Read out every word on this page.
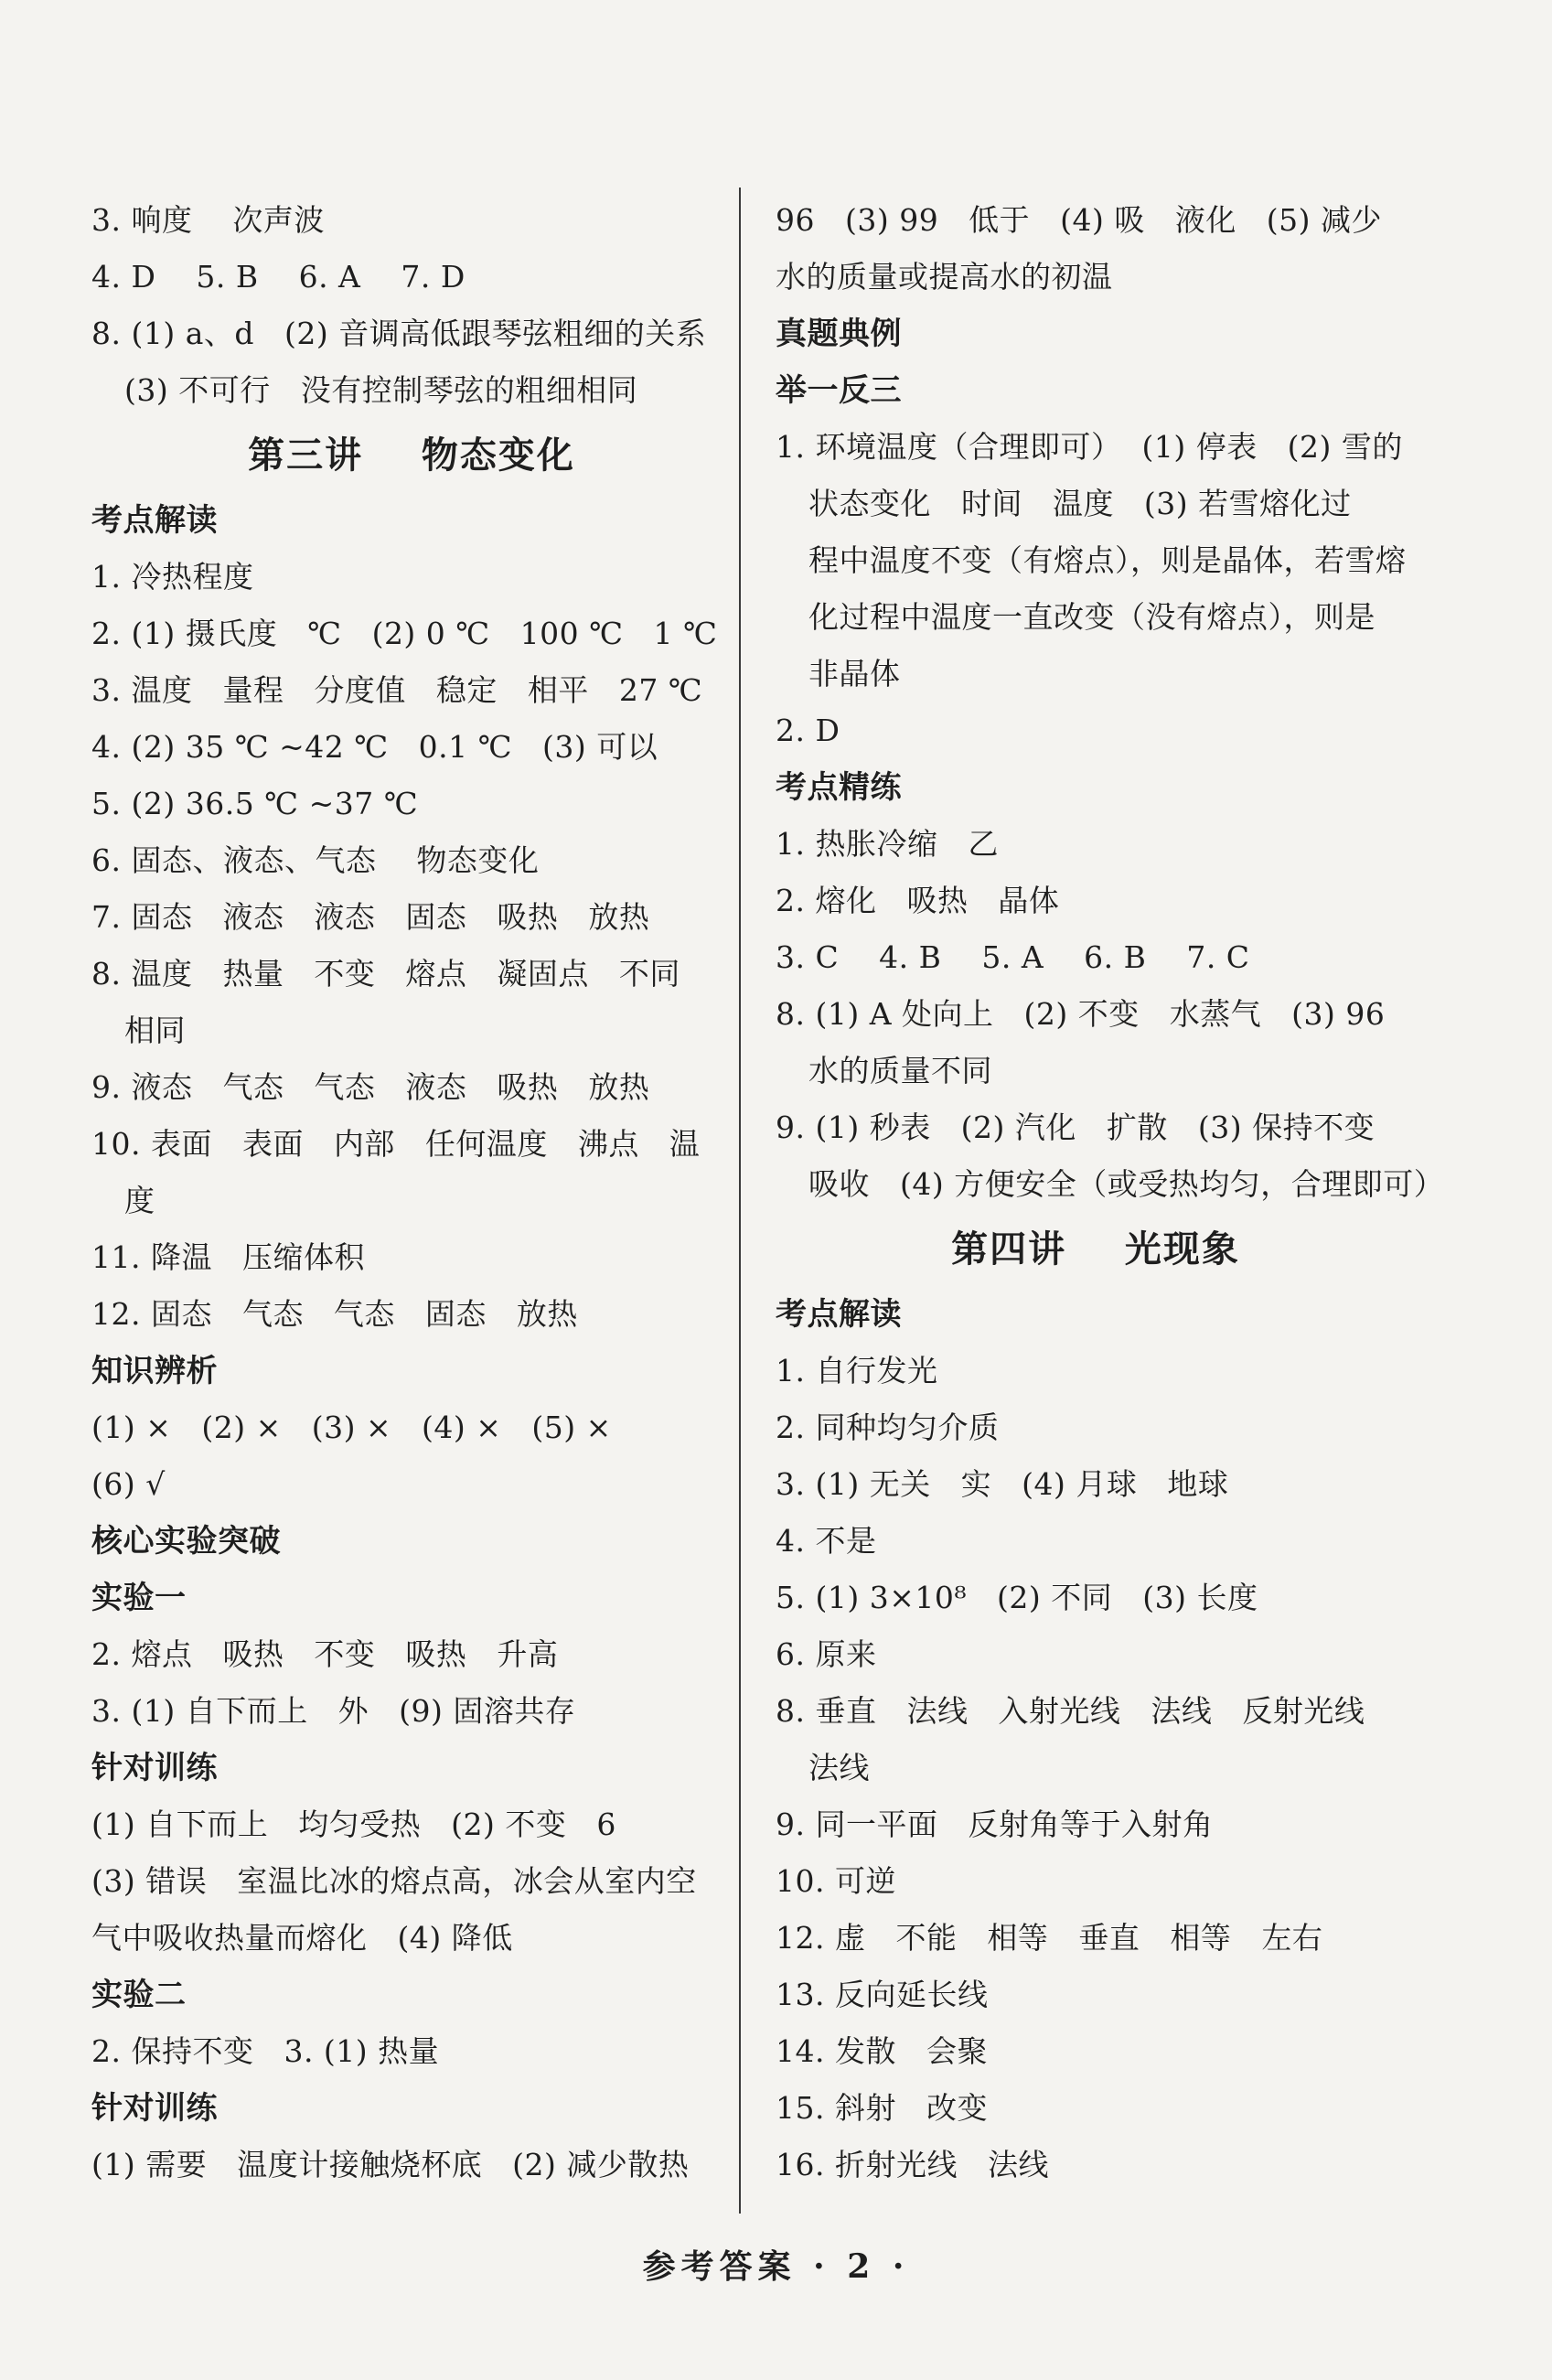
3. 响度    次声波
4. D    5. B    6. A    7. D
8. (1) a、d   (2) 音调高低跟琴弦粗细的关系
(3) 不可行   没有控制琴弦的粗细相同
第三讲    物态变化
考点解读
1. 冷热程度
2. (1) 摄氏度   ℃   (2) 0 ℃   100 ℃   1 ℃
3. 温度   量程   分度值   稳定   相平   27 ℃
4. (2) 35 ℃ ~42 ℃   0.1 ℃   (3) 可以
5. (2) 36.5 ℃ ~37 ℃
6. 固态、液态、气态    物态变化
7. 固态   液态   液态   固态   吸热   放热
8. 温度   热量   不变   熔点   凝固点   不同
相同
9. 液态   气态   气态   液态   吸热   放热
10. 表面   表面   内部   任何温度   沸点   温
度
11. 降温   压缩体积
12. 固态   气态   气态   固态   放热
知识辨析
(1) ×   (2) ×   (3) ×   (4) ×   (5) ×
(6) √
核心实验突破
实验一
2. 熔点   吸热   不变   吸热   升高
3. (1) 自下而上   外   (9) 固溶共存
针对训练
(1) 自下而上   均匀受热   (2) 不变   6
(3) 错误   室温比冰的熔点高，冰会从室内空
气中吸收热量而熔化   (4) 降低
实验二
2. 保持不变   3. (1) 热量
针对训练
(1) 需要   温度计接触烧杯底   (2) 减少散热
96   (3) 99   低于   (4) 吸   液化   (5) 减少
水的质量或提高水的初温
真题典例
举一反三
1. 环境温度（合理即可）  (1) 停表   (2) 雪的
状态变化   时间   温度   (3) 若雪熔化过
程中温度不变（有熔点），则是晶体，若雪熔
化过程中温度一直改变（没有熔点），则是
非晶体
2. D
考点精练
1. 热胀冷缩   乙
2. 熔化   吸热   晶体
3. C    4. B    5. A    6. B    7. C
8. (1) A 处向上   (2) 不变   水蒸气   (3) 96
水的质量不同
9. (1) 秒表   (2) 汽化   扩散   (3) 保持不变
吸收   (4) 方便安全（或受热均匀，合理即可）
第四讲    光现象
考点解读
1. 自行发光
2. 同种均匀介质
3. (1) 无关   实   (4) 月球   地球
4. 不是
5. (1) 3×10⁸   (2) 不同   (3) 长度
6. 原来
8. 垂直   法线   入射光线   法线   反射光线
法线
9. 同一平面   反射角等于入射角
10. 可逆
12. 虚   不能   相等   垂直   相等   左右
13. 反向延长线
14. 发散   会聚
15. 斜射   改变
16. 折射光线   法线
参考答案 · 2 ·
